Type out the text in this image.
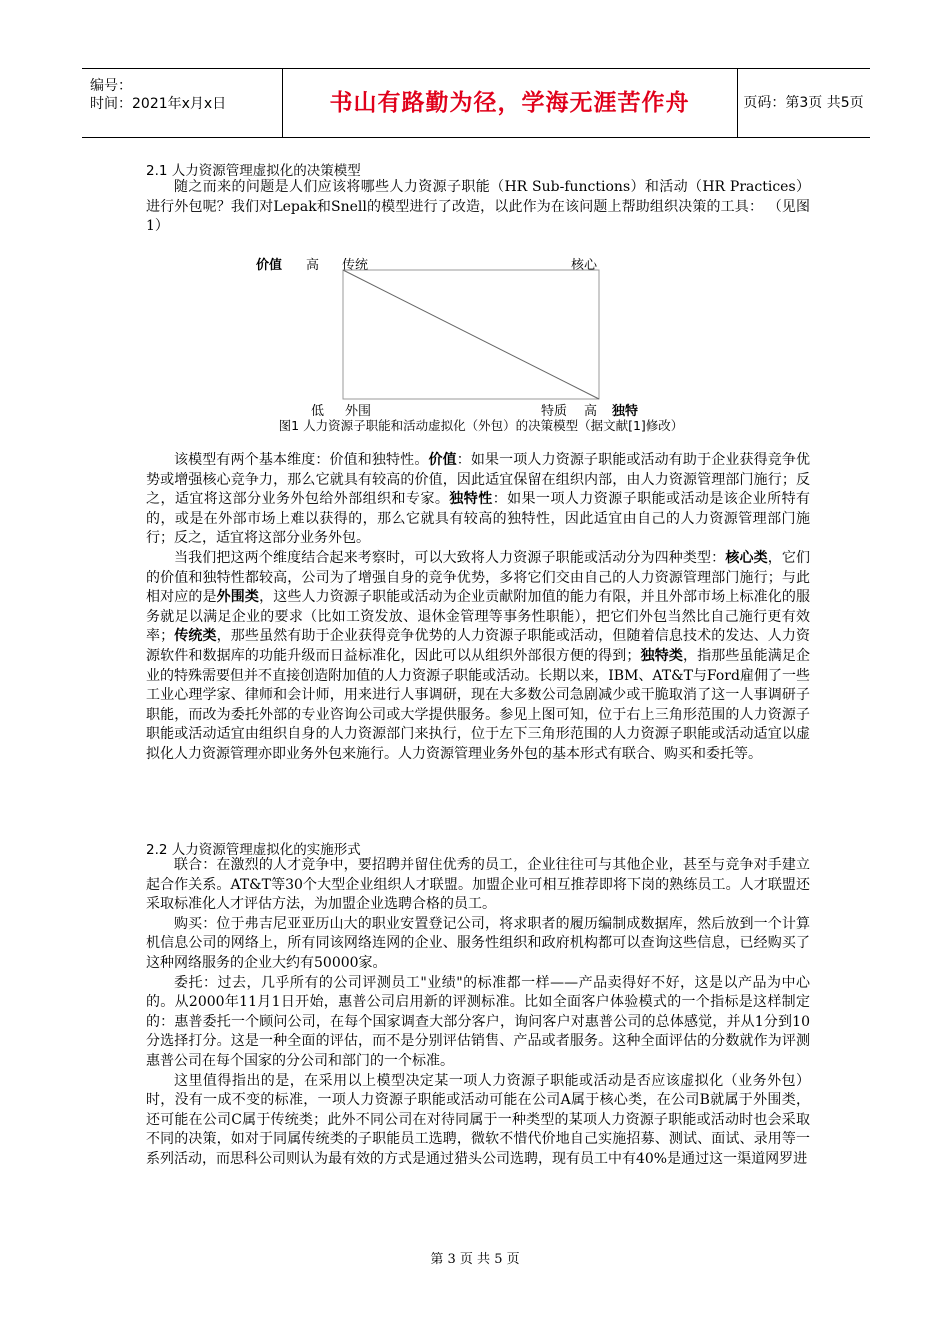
编号：
时间：2021年x月x日	书山有路勤为径，学海无涯苦作舟	页码：第3页 共5页
2.1 人力资源管理虚拟化的决策模型

随之而来的问题是人们应该将哪些人力资源子职能（HR Sub-functions）和活动（HR Practices）进行外包呢？我们对Lepak和Snell的模型进行了改造，以此作为在该问题上帮助组织决策的工具： （见图1）

价值 高 传统	核心
低 外围	特质 高 独特
图1 人力资源子职能和活动虚拟化（外包）的决策模型（据文献[1]修改）

该模型有两个基本维度：价值和独特性。价值：如果一项人力资源子职能或活动有助于企业获得竞争优势或增强核心竞争力，那么它就具有较高的价值，因此适宜保留在组织内部，由人力资源管理部门施行；反之，适宜将这部分业务外包给外部组织和专家。独特性：如果一项人力资源子职能或活动是该企业所特有的，或是在外部市场上难以获得的，那么它就具有较高的独特性，因此适宜由自己的人力资源管理部门施行；反之，适宜将这部分业务外包。

当我们把这两个维度结合起来考察时，可以大致将人力资源子职能或活动分为四种类型：核心类，它们的价值和独特性都较高，公司为了增强自身的竞争优势，多将它们交由自己的人力资源管理部门施行；与此相对应的是外围类，这些人力资源子职能或活动为企业贡献附加值的能力有限，并且外部市场上标准化的服务就足以满足企业的要求（比如工资发放、退休金管理等事务性职能），把它们外包当然比自己施行更有效率；传统类，那些虽然有助于企业获得竞争优势的人力资源子职能或活动，但随着信息技术的发达、人力资源软件和数据库的功能升级而日益标准化，因此可以从组织外部很方便的得到；独特类，指那些虽能满足企业的特殊需要但并不直接创造附加值的人力资源子职能或活动。长期以来，IBM、AT&T与Ford雇佣了一些工业心理学家、律师和会计师，用来进行人事调研，现在大多数公司急剧减少或干脆取消了这一人事调研子职能，而改为委托外部的专业咨询公司或大学提供服务。参见上图可知，位于右上三角形范围的人力资源子职能或活动适宜由组织自身的人力资源部门来执行，位于左下三角形范围的人力资源子职能或活动适宜以虚拟化人力资源管理亦即业务外包来施行。人力资源管理业务外包的基本形式有联合、购买和委托等。

2.2 人力资源管理虚拟化的实施形式

联合：在激烈的人才竞争中，要招聘并留住优秀的员工，企业往往可与其他企业，甚至与竞争对手建立起合作关系。AT&T等30个大型企业组织人才联盟。加盟企业可相互推荐即将下岗的熟练员工。人才联盟还采取标准化人才评估方法，为加盟企业选聘合格的员工。

购买：位于弗吉尼亚亚历山大的职业安置登记公司，将求职者的履历编制成数据库，然后放到一个计算机信息公司的网络上，所有同该网络连网的企业、服务性组织和政府机构都可以查询这些信息，已经购买了这种网络服务的企业大约有50000家。

委托：过去，几乎所有的公司评测员工"业绩"的标准都一样——产品卖得好不好，这是以产品为中心的。从2000年11月1日开始，惠普公司启用新的评测标准。比如全面客户体验模式的一个指标是这样制定的：惠普委托一个顾问公司，在每个国家调查大部分客户，询问客户对惠普公司的总体感觉，并从1分到10分选择打分。这是一种全面的评估，而不是分别评估销售、产品或者服务。这种全面评估的分数就作为评测惠普公司在每个国家的分公司和部门的一个标准。

这里值得指出的是，在采用以上模型决定某一项人力资源子职能或活动是否应该虚拟化（业务外包）时，没有一成不变的标准，一项人力资源子职能或活动可能在公司A属于核心类，在公司B就属于外围类，还可能在公司C属于传统类；此外不同公司在对待同属于一种类型的某项人力资源子职能或活动时也会采取不同的决策，如对于同属传统类的子职能员工选聘，微软不惜代价地自己实施招募、测试、面试、录用等一系列活动，而思科公司则认为最有效的方式是通过猎头公司选聘，现有员工中有40%是通过这一渠道网罗进

第 3 页 共 5 页
